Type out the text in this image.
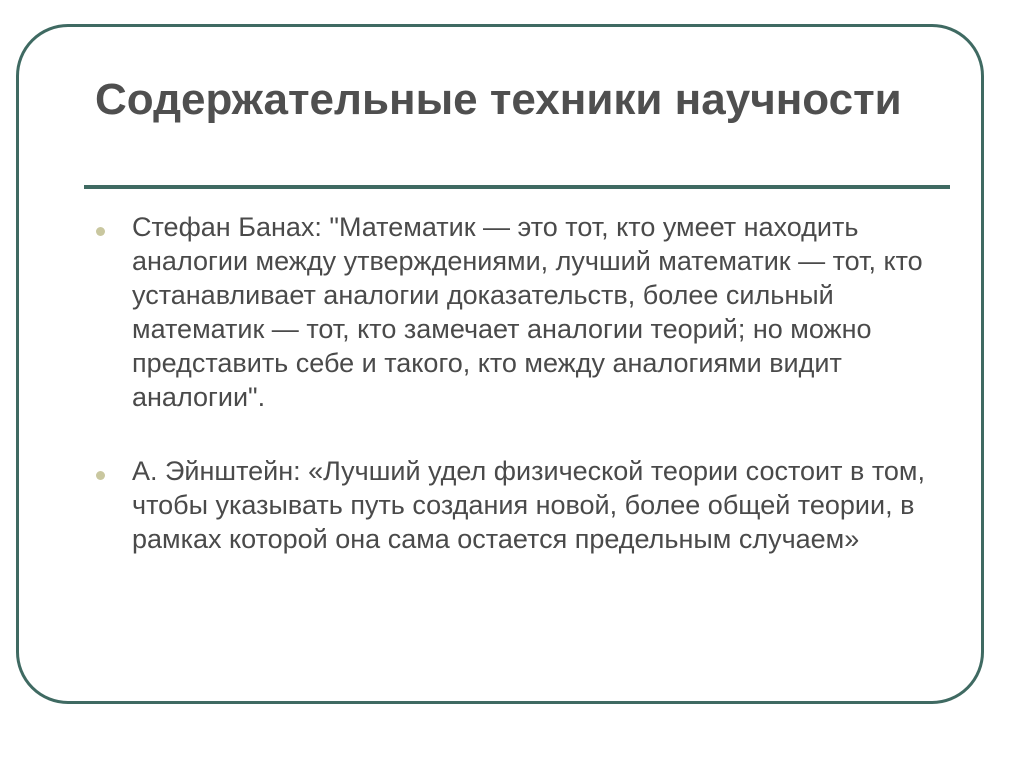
Содержательные техники научности
Стефан Банах: "Математик — это тот, кто умеет находить аналогии между утверждениями, лучший математик — тот, кто устанавливает аналогии доказательств, более сильный математик — тот, кто замечает аналогии теорий; но можно представить себе и такого, кто между аналогиями видит аналогии".
А. Эйнштейн: «Лучший удел физической теории состоит в том, чтобы указывать путь создания новой, более общей теории, в рамках которой она сама остается предельным случаем»
